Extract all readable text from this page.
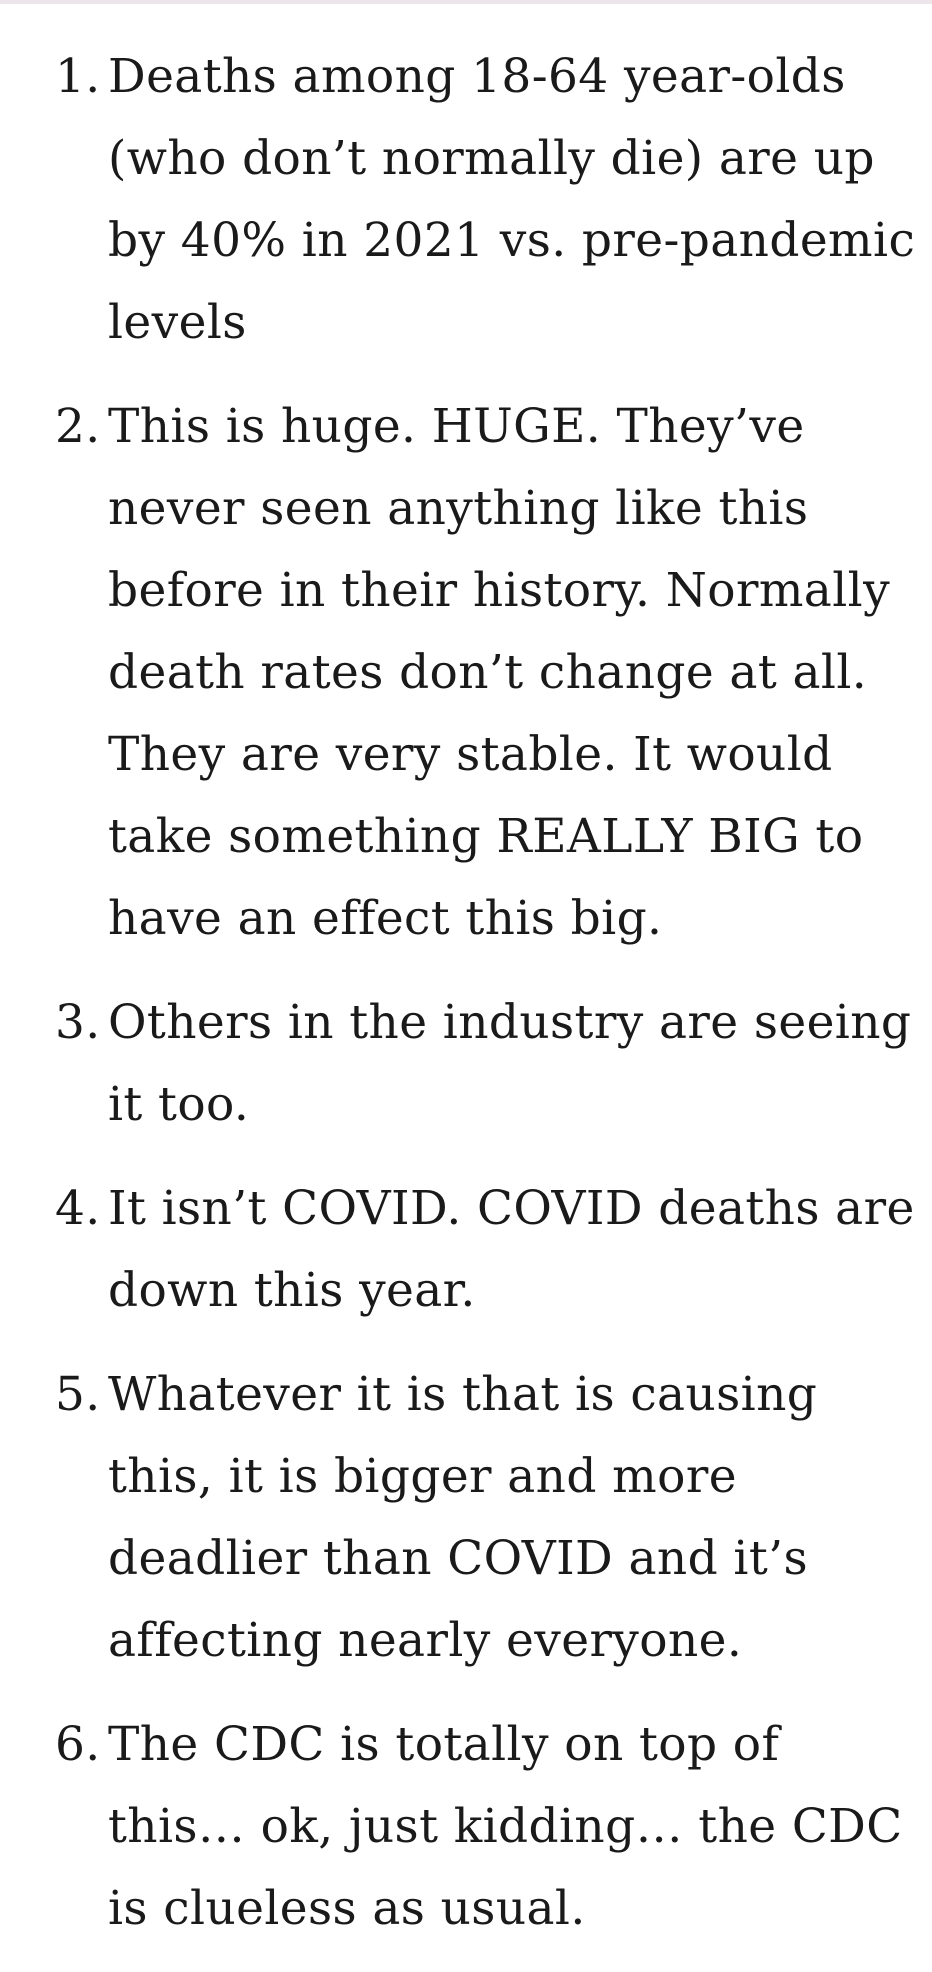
1. Deaths among 18-64 year-olds (who don’t normally die) are up by 40% in 2021 vs. pre-pandemic levels
2. This is huge. HUGE. They’ve never seen anything like this before in their history. Normally death rates don’t change at all. They are very stable. It would take something REALLY BIG to have an effect this big.
3. Others in the industry are seeing it too.
4. It isn’t COVID. COVID deaths are down this year.
5. Whatever it is that is causing this, it is bigger and more deadlier than COVID and it’s affecting nearly everyone.
6. The CDC is totally on top of this… ok, just kidding… the CDC is clueless as usual.
